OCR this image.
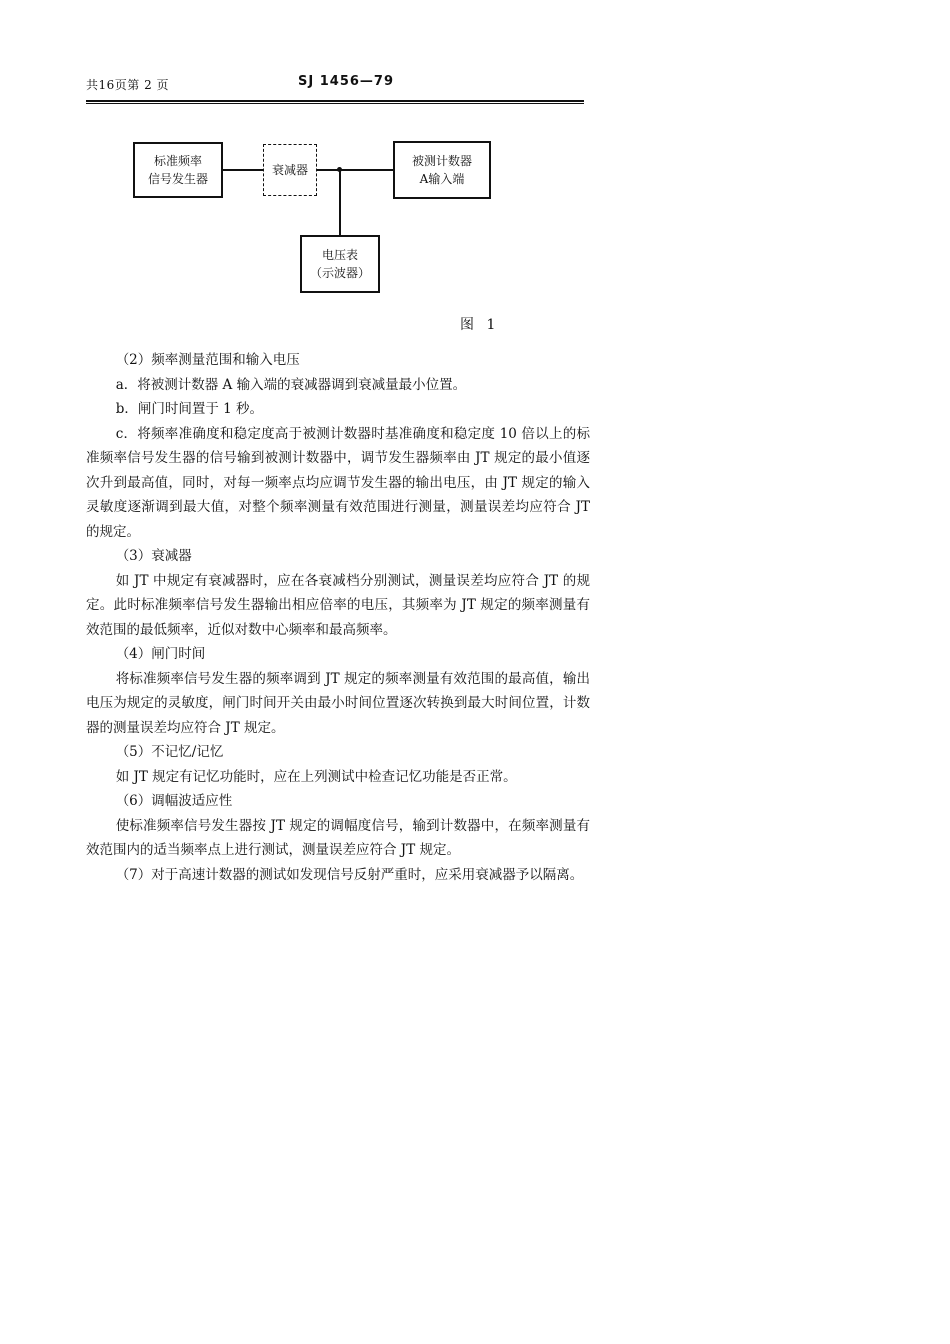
共16页第 2 页	SJ 1456—79
标准频率
信号发生器
衰减器
被测计数器
A输入端
电压表
（示波器）
图 1

（2）频率测量范围和输入电压

a．将被测计数器 A 输入端的衰减器调到衰减量最小位置。

b．闸门时间置于 1 秒。

c．将频率准确度和稳定度高于被测计数器时基准确度和稳定度 10 倍以上的标准频率信号发生器的信号输到被测计数器中，调节发生器频率由 JT 规定的最小值逐次升到最高值，同时，对每一频率点均应调节发生器的输出电压，由 JT 规定的输入灵敏度逐渐调到最大值，对整个频率测量有效范围进行测量，测量误差均应符合 JT 的规定。

（3）衰减器

如 JT 中规定有衰减器时，应在各衰减档分别测试，测量误差均应符合 JT 的规定。此时标准频率信号发生器输出相应倍率的电压，其频率为 JT 规定的频率测量有效范围的最低频率，近似对数中心频率和最高频率。

（4）闸门时间

将标准频率信号发生器的频率调到 JT 规定的频率测量有效范围的最高值，输出电压为规定的灵敏度，闸门时间开关由最小时间位置逐次转换到最大时间位置，计数器的测量误差均应符合 JT 规定。

（5）不记忆/记忆

如 JT 规定有记忆功能时，应在上列测试中检查记忆功能是否正常。

（6）调幅波适应性

使标准频率信号发生器按 JT 规定的调幅度信号，输到计数器中，在频率测量有效范围内的适当频率点上进行测试，测量误差应符合 JT 规定。

（7）对于高速计数器的测试如发现信号反射严重时，应采用衰减器予以隔离。
